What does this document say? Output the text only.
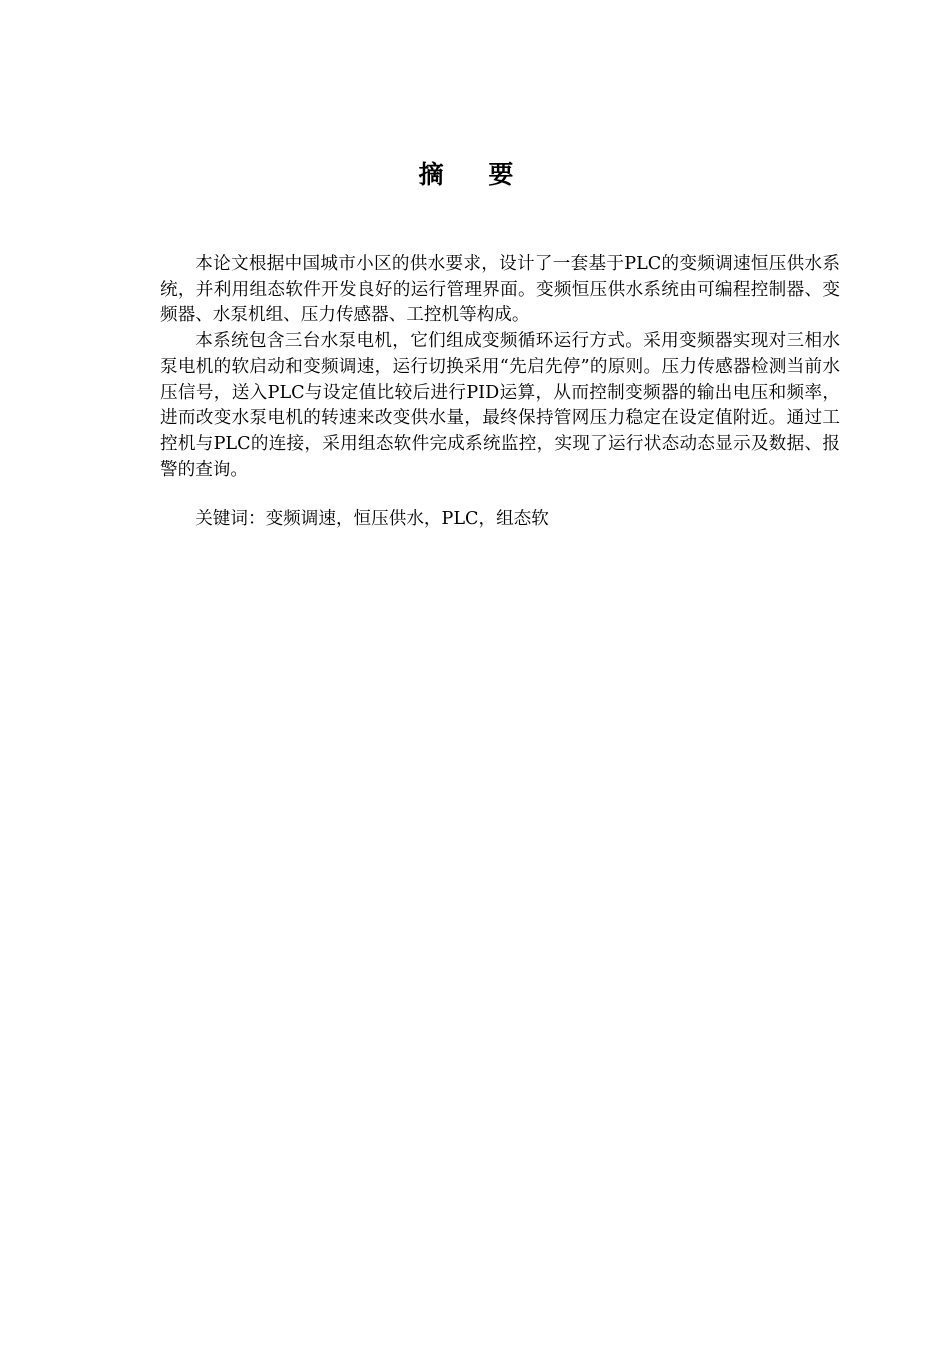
摘 要

本论文根据中国城市小区的供水要求，设计了一套基于PLC的变频调速恒压供水系统，并利用组态软件开发良好的运行管理界面。变频恒压供水系统由可编程控制器、变频器、水泵机组、压力传感器、工控机等构成。

本系统包含三台水泵电机，它们组成变频循环运行方式。采用变频器实现对三相水泵电机的软启动和变频调速，运行切换采用“先启先停”的原则。压力传感器检测当前水压信号，送入PLC与设定值比较后进行PID运算，从而控制变频器的输出电压和频率，进而改变水泵电机的转速来改变供水量，最终保持管网压力稳定在设定值附近。通过工控机与PLC的连接，采用组态软件完成系统监控，实现了运行状态动态显示及数据、报警的查询。

关键词：变频调速，恒压供水，PLC，组态软
